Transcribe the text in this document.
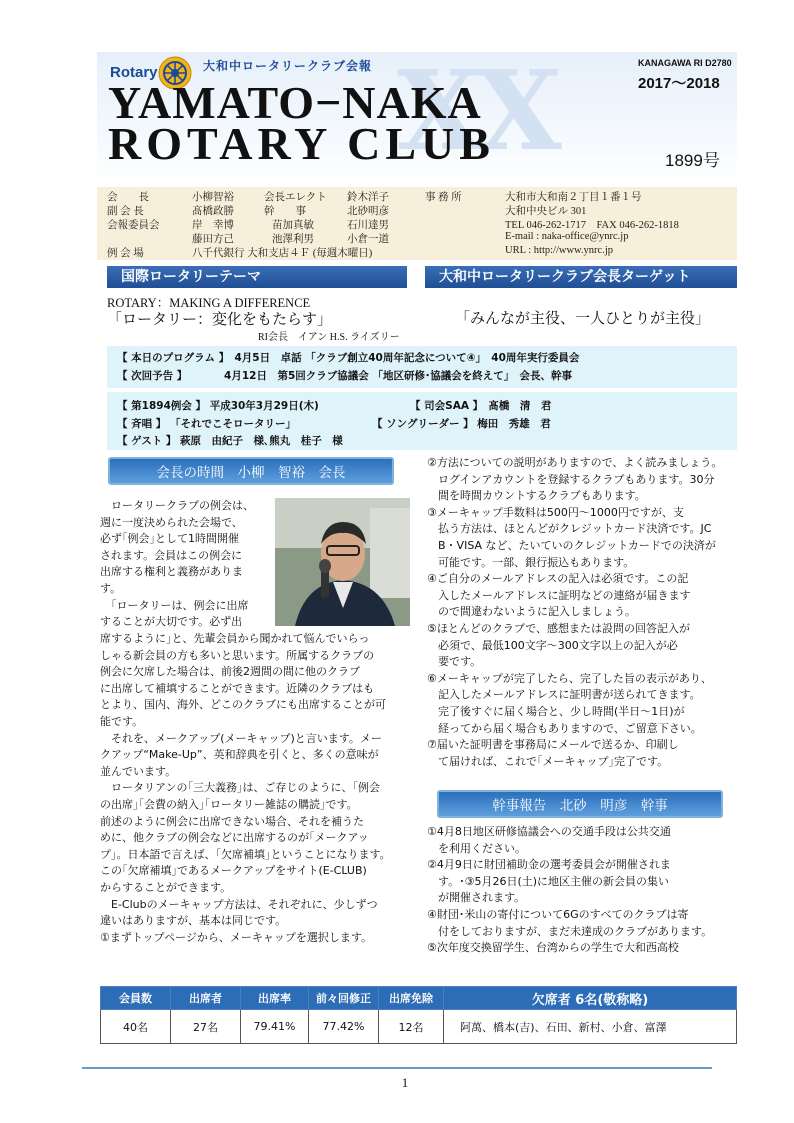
XX
Rotary	大和中ロータリークラブ会報	KANAGAWA RI D2780
2017～2018
YAMATO−NAKA
ROTARY CLUB	1899号
会　　長	小柳智裕	会長エレクト 鈴木洋子
副 会 長	髙橋政勝	幹　　事	北砂明彦
会報委員会	岸　幸博	苗加真敏	石川達男
藤田方己	池澤利男	小倉一道
例 会 場	八千代銀行 大和支店４Ｆ (毎週木曜日)
事 務 所	大和市大和南２丁目１番１号
大和中央ビル 301
TEL 046-262-1717　FAX 046-262-1818
E-mail : naka-office@ynrc.jp
URL : http://www.ynrc.jp
国際ロータリーテーマ	大和中ロータリークラブ会長ターゲット
ROTARY：MAKING A DIFFERENCE
「ロータリー：変化をもたらす」
RI会長　イアン H.S. ライズリー
「みんなが主役、一人ひとりが主役」
【 本日のプログラム 】　4月5日　卓話 「クラブ創立40周年記念について④」　40周年実行委員会
【 次回予告 】　　　　4月12日　第5回クラブ協議会 「地区研修･協議会を終えて」　会長、幹事
【 第1894例会 】 平成30年3月29日(木)	【 司会SAA 】　髙橋　清　君
【 斉唱 】 「それでこそロータリー」	【 ソングリーダー 】 梅田　秀雄　君
【 ゲスト 】 萩原　由紀子　様､熊丸　桂子　様
会長の時間　小柳　智裕　会長

　ロータリークラブの例会は、

週に一度決められた会場で、

必ず｢例会｣として1時間開催

されます。会員はこの例会に

出席する権利と義務がありま

す。

　｢ロータリーは、例会に出席

することが大切です。必ず出

席するように｣と、先輩会員から聞かれて悩んでいらっ

しゃる新会員の方も多いと思います。所属するクラブの

例会に欠席した場合は、前後2週間の間に他のクラブ

に出席して補填することができます。近隣のクラブはも

とより、国内、海外、どこのクラブにも出席することが可

能です。

　それを、メークアップ(メーキャップ)と言います。メー

クアップ“Make-Up”、英和辞典を引くと、多くの意味が

並んでいます。

　ロータリアンの｢三大義務｣は、ご存じのように、｢例会

の出席｣｢会費の納入｣｢ロータリー雑誌の購読｣です。

前述のように例会に出席できない場合、それを補うた

めに、他クラブの例会などに出席するのが｢メークアッ

プ｣。日本語で言えば、｢欠席補填｣ということになります。

この｢欠席補填｣であるメークアップをサイト(E-CLUB)

からすることができます。

　E-Clubのメーキャップ方法は、それぞれに、少しずつ

違いはありますが、基本は同じです。

①まずトップページから、メーキャップを選択します。

②方法についての説明がありますので、よく読みましょう。

　ログインアカウントを登録するクラブもあります。30分

　間を時間カウントするクラブもあります。

③メーキャップ手数料は500円～1000円ですが、支

　払う方法は、ほとんどがクレジットカード決済です。JC

　B・VISA など、たいていのクレジットカードでの決済が

　可能です。一部、銀行振込もあります。

④ご自分のメールアドレスの記入は必須です。この記

　入したメールアドレスに証明などの連絡が届きます

　ので間違わないように記入しましょう。

⑤ほとんどのクラブで、感想または設問の回答記入が

　必須で、最低100文字～300文字以上の記入が必

　要です。

⑥メーキャップが完了したら、完了した旨の表示があり、

　記入したメールアドレスに証明書が送られてきます。

　完了後すぐに届く場合と、少し時間(半日～1日)が

　経ってから届く場合もありますので、ご留意下さい。

⑦届いた証明書を事務局にメールで送るか、印刷し

　て届ければ、これで｢メーキャップ｣完了です。

幹事報告　北砂　明彦　幹事

①4月8日地区研修協議会への交通手段は公共交通

　を利用ください。

②4月9日に財団補助金の選考委員会が開催されま

　す。･③5月26日(土)に地区主催の新会員の集い

　が開催されます。

④財団･米山の寄付について6Gのすべてのクラブは寄

　付をしておりますが、まだ未達成のクラブがあります。

⑤次年度交換留学生、台湾からの学生で大和西高校

会員数	出席者	出席率	前々回修正	出席免除	欠席者 6名(敬称略)
40名	27名	79.41%	77.42%	12名	阿萬、橋本(吉)、石田、新村、小倉、富澤
1
